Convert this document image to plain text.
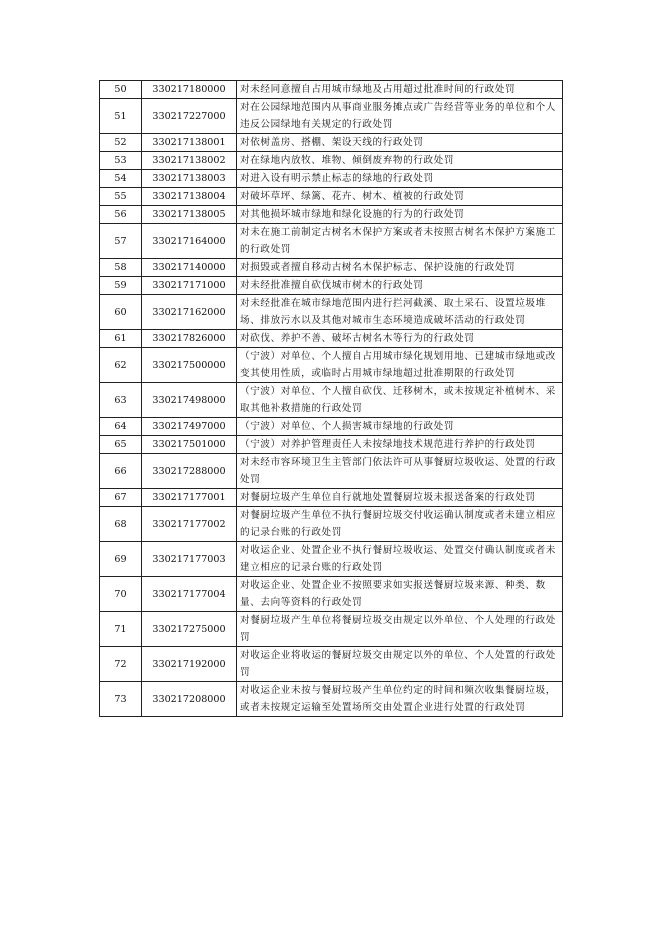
50	330217180000	对未经同意擅自占用城市绿地及占用超过批准时间的行政处罚
51	330217227000	对在公园绿地范围内从事商业服务摊点或广告经营等业务的单位和个人违反公园绿地有关规定的行政处罚
52	330217138001	对依树盖房、搭棚、架设天线的行政处罚
53	330217138002	对在绿地内放牧、堆物、倾倒废弃物的行政处罚
54	330217138003	对进入设有明示禁止标志的绿地的行政处罚
55	330217138004	对破坏草坪、绿篱、花卉、树木、植被的行政处罚
56	330217138005	对其他损坏城市绿地和绿化设施的行为的行政处罚
57	330217164000	对未在施工前制定古树名木保护方案或者未按照古树名木保护方案施工的行政处罚
58	330217140000	对损毁或者擅自移动古树名木保护标志、保护设施的行政处罚
59	330217171000	对未经批准擅自砍伐城市树木的行政处罚
60	330217162000	对未经批准在城市绿地范围内进行拦河截溪、取土采石、设置垃圾堆场、排放污水以及其他对城市生态环境造成破坏活动的行政处罚
61	330217826000	对砍伐、养护不善、破坏古树名木等行为的行政处罚
62	330217500000	（宁波）对单位、个人擅自占用城市绿化规划用地、已建城市绿地或改变其使用性质，或临时占用城市绿地超过批准期限的行政处罚
63	330217498000	（宁波）对单位、个人擅自砍伐、迁移树木，或未按规定补植树木、采取其他补救措施的行政处罚
64	330217497000	（宁波）对单位、个人损害城市绿地的行政处罚
65	330217501000	（宁波）对养护管理责任人未按绿地技术规范进行养护的行政处罚
66	330217288000	对未经市容环境卫生主管部门依法许可从事餐厨垃圾收运、处置的行政处罚
67	330217177001	对餐厨垃圾产生单位自行就地处置餐厨垃圾未报送备案的行政处罚
68	330217177002	对餐厨垃圾产生单位不执行餐厨垃圾交付收运确认制度或者未建立相应的记录台账的行政处罚
69	330217177003	对收运企业、处置企业不执行餐厨垃圾收运、处置交付确认制度或者未建立相应的记录台账的行政处罚
70	330217177004	对收运企业、处置企业不按照要求如实报送餐厨垃圾来源、种类、数量、去向等资料的行政处罚
71	330217275000	对餐厨垃圾产生单位将餐厨垃圾交由规定以外单位、个人处理的行政处罚
72	330217192000	对收运企业将收运的餐厨垃圾交由规定以外的单位、个人处置的行政处罚
73	330217208000	对收运企业未按与餐厨垃圾产生单位约定的时间和频次收集餐厨垃圾，或者未按规定运输至处置场所交由处置企业进行处置的行政处罚
